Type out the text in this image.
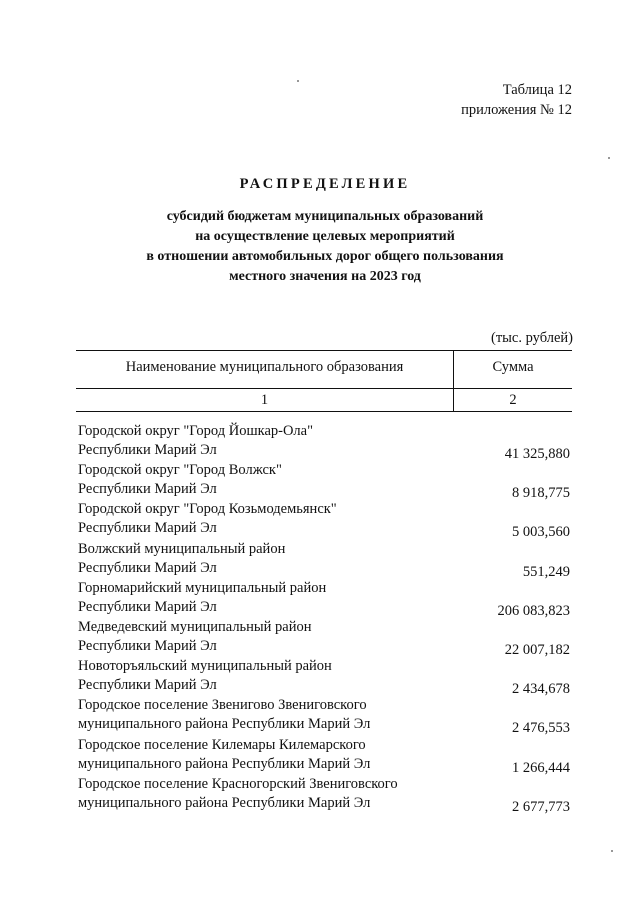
Таблица 12
приложения № 12
РАСПРЕДЕЛЕНИЕ
субсидий бюджетам муниципальных образований
на осуществление целевых мероприятий
в отношении автомобильных дорог общего пользования
местного значения на 2023 год
(тыс. рублей)
Наименование муниципального образования	Сумма
1	2
Городской округ "Город Йошкар-Ола"
Республики Марий Эл	41 325,880
Городской округ "Город Волжск"
Республики Марий Эл	8 918,775
Городской округ "Город Козьмодемьянск"
Республики Марий Эл	5 003,560
Волжский муниципальный район
Республики Марий Эл	551,249
Горномарийский муниципальный район
Республики Марий Эл	206 083,823
Медведевский муниципальный район
Республики Марий Эл	22 007,182
Новоторъяльский муниципальный район
Республики Марий Эл	2 434,678
Городское поселение Звенигово Звениговского
муниципального района Республики Марий Эл	2 476,553
Городское поселение Килемары Килемарского
муниципального района Республики Марий Эл	1 266,444
Городское поселение Красногорский Звениговского
муниципального района Республики Марий Эл	2 677,773
